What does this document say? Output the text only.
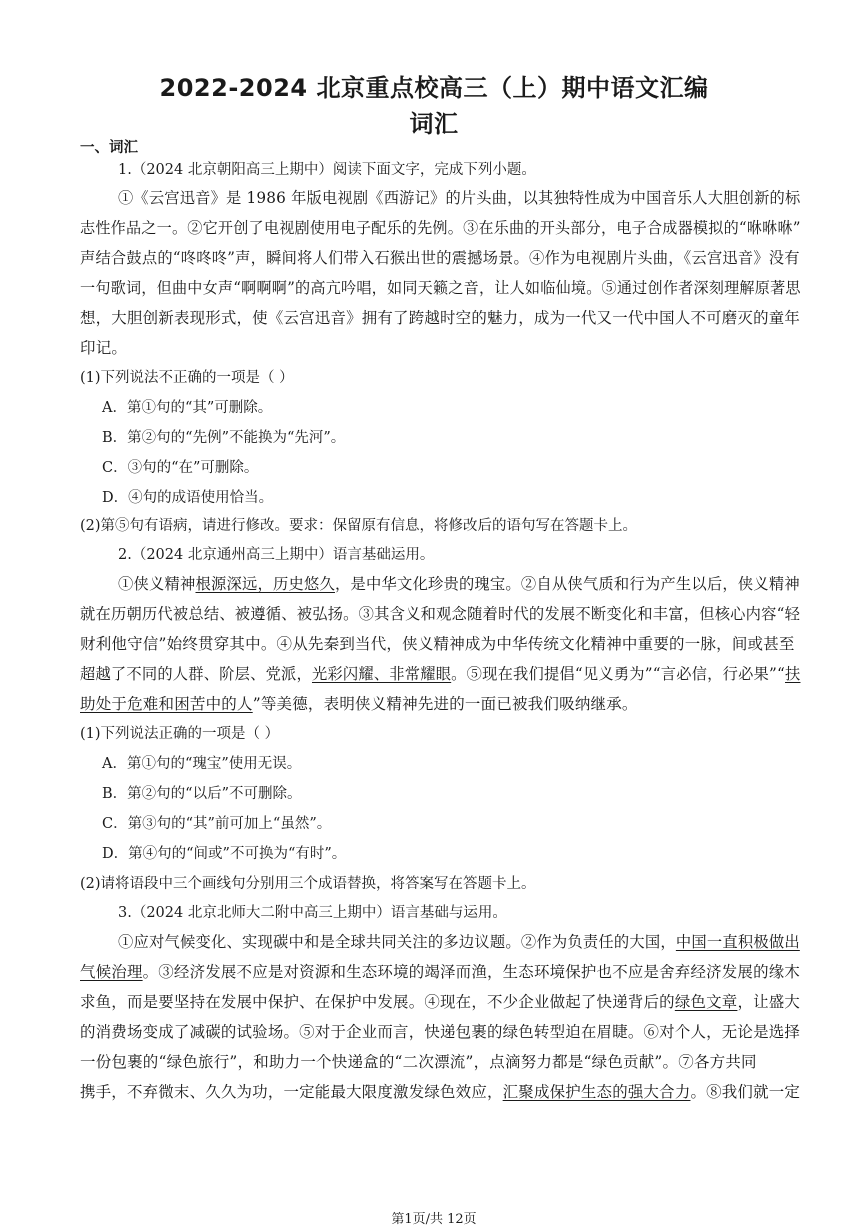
2022-2024 北京重点校高三（上）期中语文汇编
词汇
一、词汇
1.（2024 北京朝阳高三上期中）阅读下面文字，完成下列小题。
①《云宫迅音》是 1986 年版电视剧《西游记》的片头曲，以其独特性成为中国音乐人大胆创新的标
志性作品之一。②它开创了电视剧使用电子配乐的先例。③在乐曲的开头部分，电子合成器模拟的“咻咻咻”
声结合鼓点的“咚咚咚”声，瞬间将人们带入石猴出世的震撼场景。④作为电视剧片头曲，《云宫迅音》没有
一句歌词，但曲中女声“啊啊啊”的高亢吟唱，如同天籁之音，让人如临仙境。⑤通过创作者深刻理解原著思
想，大胆创新表现形式，使《云宫迅音》拥有了跨越时空的魅力，成为一代又一代中国人不可磨灭的童年
印记。
(1)下列说法不正确的一项是（ ）
A．第①句的“其”可删除。
B．第②句的“先例”不能换为“先河”。
C．③句的“在”可删除。
D．④句的成语使用恰当。
(2)第⑤句有语病，请进行修改。要求：保留原有信息，将修改后的语句写在答题卡上。
2.（2024 北京通州高三上期中）语言基础运用。
①侠义精神根源深远，历史悠久，是中华文化珍贵的瑰宝。②自从侠气质和行为产生以后，侠义精神
就在历朝历代被总结、被遵循、被弘扬。③其含义和观念随着时代的发展不断变化和丰富，但核心内容“轻
财利他守信”始终贯穿其中。④从先秦到当代，侠义精神成为中华传统文化精神中重要的一脉，间或甚至
超越了不同的人群、阶层、党派，光彩闪耀、非常耀眼。⑤现在我们提倡“见义勇为”“言必信，行必果”“扶
助处于危难和困苦中的人”等美德，表明侠义精神先进的一面已被我们吸纳继承。
(1)下列说法正确的一项是（ ）
A．第①句的“瑰宝”使用无误。
B．第②句的“以后”不可删除。
C．第③句的“其”前可加上“虽然”。
D．第④句的“间或”不可换为“有时”。
(2)请将语段中三个画线句分别用三个成语替换，将答案写在答题卡上。
3.（2024 北京北师大二附中高三上期中）语言基础与运用。
①应对气候变化、实现碳中和是全球共同关注的多边议题。②作为负责任的大国，中国一直积极做出
气候治理。③经济发展不应是对资源和生态环境的竭泽而渔，生态环境保护也不应是舍弃经济发展的缘木
求鱼，而是要坚持在发展中保护、在保护中发展。④现在，不少企业做起了快递背后的绿色文章，让盛大
的消费场变成了减碳的试验场。⑤对于企业而言，快递包裹的绿色转型迫在眉睫。⑥对个人，无论是选择
一份包裹的“绿色旅行”，和助力一个快递盒的“二次漂流”，点滴努力都是“绿色贡献”。⑦各方共同
携手，不弃微末、久久为功，一定能最大限度激发绿色效应，汇聚成保护生态的强大合力。⑧我们就一定
第1页/共 12页
